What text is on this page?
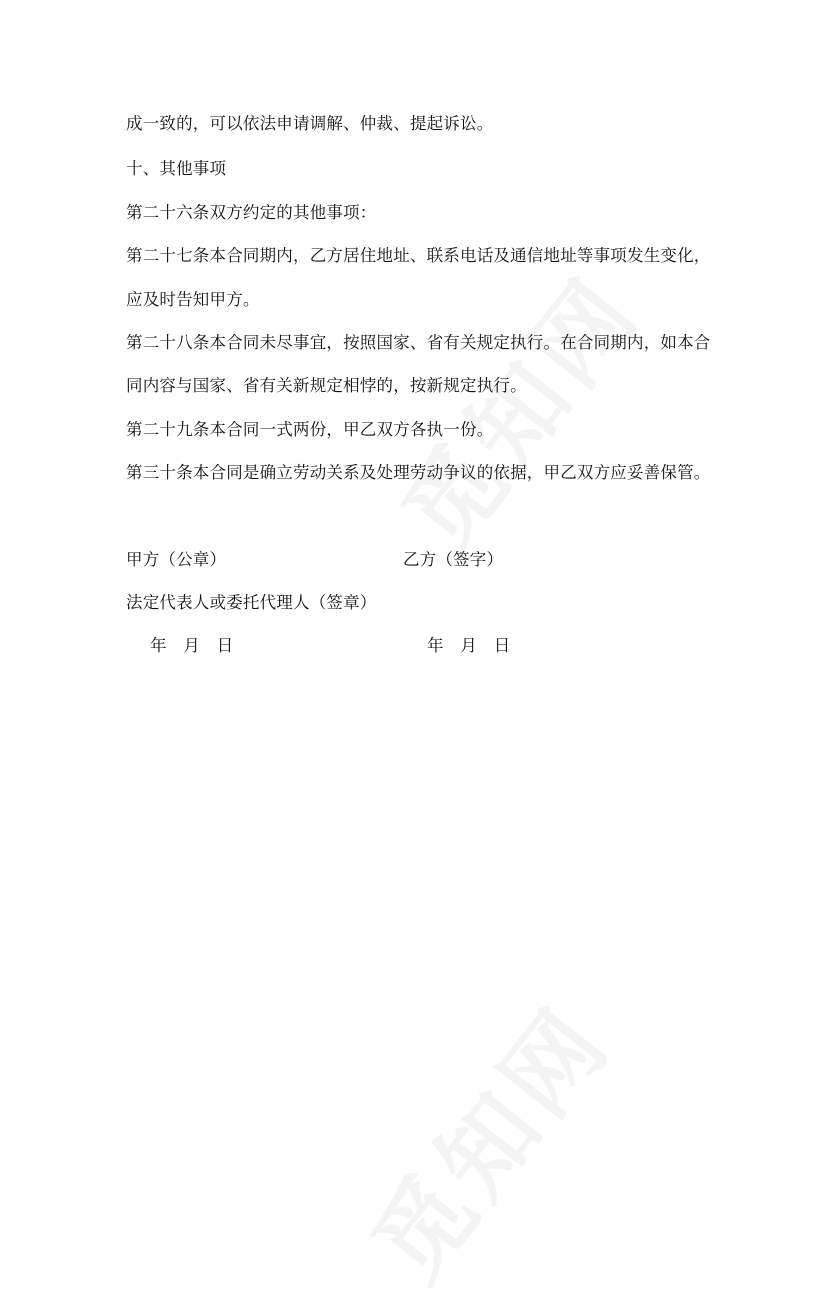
成一致的，可以依法申请调解、仲裁、提起诉讼。
十、其他事项
第二十六条双方约定的其他事项：
第二十七条本合同期内，乙方居住地址、联系电话及通信地址等事项发生变化，
应及时告知甲方。
第二十八条本合同未尽事宜，按照国家、省有关规定执行。在合同期内，如本合
同内容与国家、省有关新规定相悖的，按新规定执行。
第二十九条本合同一式两份，甲乙双方各执一份。
第三十条本合同是确立劳动关系及处理劳动争议的依据，甲乙双方应妥善保管。
甲方（公章）	乙方（签字）
法定代表人或委托代理人（签章）
年　月　日	年　月　日
